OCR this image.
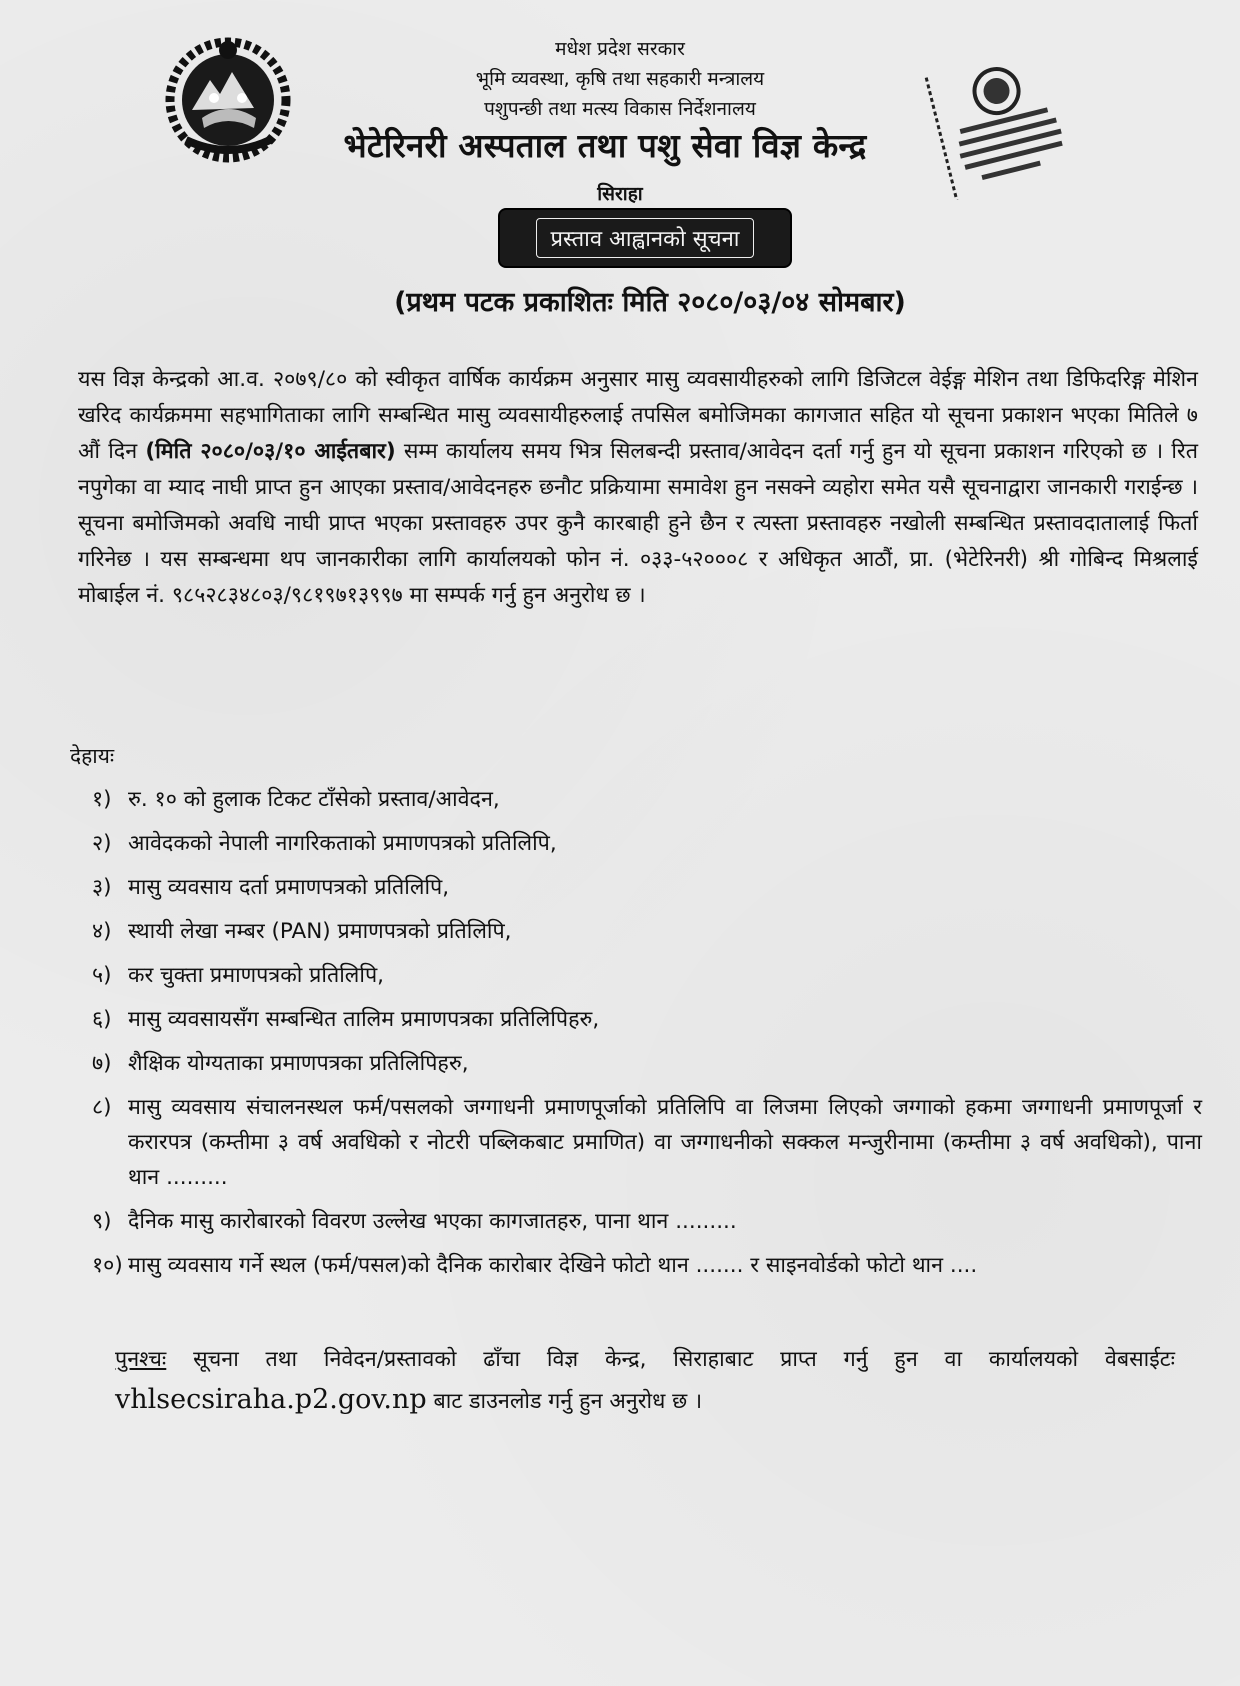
मधेश प्रदेश सरकार
भूमि व्यवस्था, कृषि तथा सहकारी मन्त्रालय
पशुपन्छी तथा मत्स्य विकास निर्देशनालय
भेटेरिनरी अस्पताल तथा पशु सेवा विज्ञ केन्द्र
सिराहा
प्रस्ताव आह्वानको सूचना
(प्रथम पटक प्रकाशितः मिति २०८०/०३/०४ सोमबार)
यस विज्ञ केन्द्रको आ.व. २०७९/८० को स्वीकृत वार्षिक कार्यक्रम अनुसार मासु व्यवसायीहरुको लागि डिजिटल वेईङ्ग मेशिन तथा डिफिदरिङ्ग मेशिन खरिद कार्यक्रममा सहभागिताका लागि सम्बन्धित मासु व्यवसायीहरुलाई तपसिल बमोजिमका कागजात सहित यो सूचना प्रकाशन भएका मितिले ७ औं दिन (मिति २०८०/०३/१० आईतबार) सम्म कार्यालय समय भित्र सिलबन्दी प्रस्ताव/आवेदन दर्ता गर्नु हुन यो सूचना प्रकाशन गरिएको छ । रित नपुगेका वा म्याद नाघी प्राप्त हुन आएका प्रस्ताव/आवेदनहरु छनौट प्रक्रियामा समावेश हुन नसक्ने व्यहोरा समेत यसै सूचनाद्वारा जानकारी गराईन्छ । सूचना बमोजिमको अवधि नाघी प्राप्त भएका प्रस्तावहरु उपर कुनै कारबाही हुने छैन र त्यस्ता प्रस्तावहरु नखोली सम्बन्धित प्रस्तावदातालाई फिर्ता गरिनेछ । यस सम्बन्धमा थप जानकारीका लागि कार्यालयको फोन नं. ०३३-५२०००८ र अधिकृत आठौं, प्रा. (भेटेरिनरी) श्री गोबिन्द मिश्रलाई मोबाईल नं. ९८५२८३४८०३/९८१९७१३९९७ मा सम्पर्क गर्नु हुन अनुरोध छ ।
देहायः
१) रु. १० को हुलाक टिकट टाँसेको प्रस्ताव/आवेदन,
२) आवेदकको नेपाली नागरिकताको प्रमाणपत्रको प्रतिलिपि,
३) मासु व्यवसाय दर्ता प्रमाणपत्रको प्रतिलिपि,
४) स्थायी लेखा नम्बर (PAN) प्रमाणपत्रको प्रतिलिपि,
५) कर चुक्ता प्रमाणपत्रको प्रतिलिपि,
६) मासु व्यवसायसँग सम्बन्धित तालिम प्रमाणपत्रका प्रतिलिपिहरु,
७) शैक्षिक योग्यताका प्रमाणपत्रका प्रतिलिपिहरु,
८) मासु व्यवसाय संचालनस्थल फर्म/पसलको जग्गाधनी प्रमाणपूर्जाको प्रतिलिपि वा लिजमा लिएको जग्गाको हकमा जग्गाधनी प्रमाणपूर्जा र करारपत्र (कम्तीमा ३ वर्ष अवधिको र नोटरी पब्लिकबाट प्रमाणित) वा जग्गाधनीको सक्कल मन्जुरीनामा (कम्तीमा ३ वर्ष अवधिको), पाना थान .........
९) दैनिक मासु कारोबारको विवरण उल्लेख भएका कागजातहरु, पाना थान .........
१०) मासु व्यवसाय गर्ने स्थल (फर्म/पसल)को दैनिक कारोबार देखिने फोटो थान ....... र साइनवोर्डको फोटो थान ....
पुनश्चः सूचना तथा निवेदन/प्रस्तावको ढाँचा विज्ञ केन्द्र, सिराहाबाट प्राप्त गर्नु हुन वा कार्यालयको वेबसाईटः vhlsecsiraha.p2.gov.np बाट डाउनलोड गर्नु हुन अनुरोध छ ।
